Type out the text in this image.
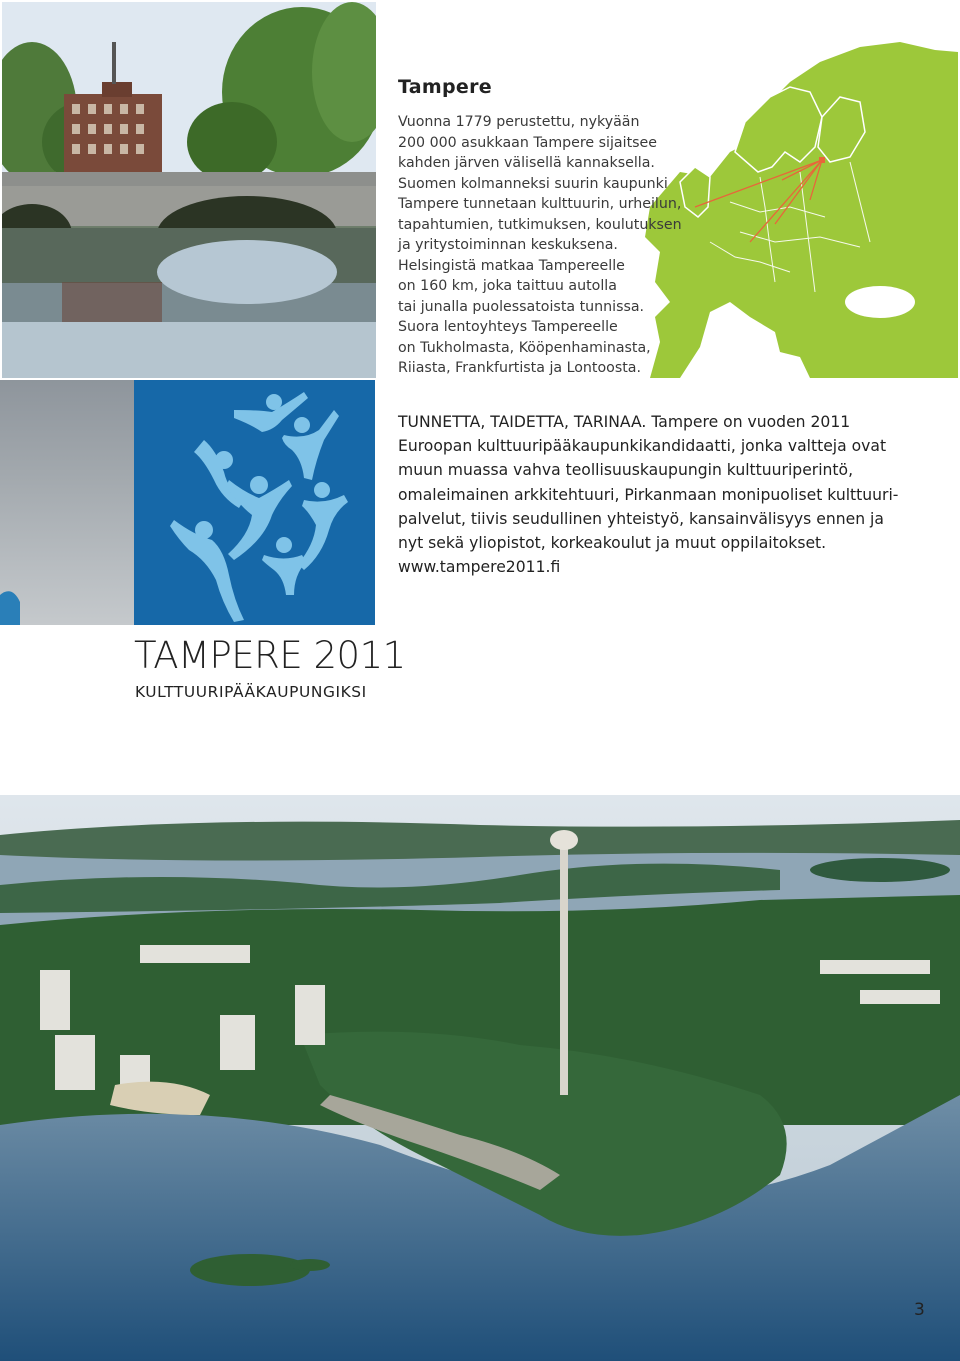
Tampere

Vuonna 1779 perustettu, nykyään

200 000 asukkaan Tampere sijaitsee

kahden järven välisellä kannaksella.

Suomen kolmanneksi suurin kaupunki

Tampere tunnetaan kulttuurin, urheilun,

tapahtumien, tutkimuksen, koulutuksen

ja yritystoiminnan keskuksena.

Helsingistä matkaa Tampereelle

on 160 km, joka taittuu autolla

tai junalla puolessatoista tunnissa.

Suora lentoyhteys Tampereelle

on Tukholmasta, Kööpenhaminasta,

Riiasta, Frankfurtista ja Lontoosta.

TUNNETTA, TAIDETTA, TARINAA. Tampere on vuoden 2011

Euroopan kulttuuripääkaupunkikandidaatti, jonka valtteja ovat

muun muassa vahva teollisuuskaupungin kulttuuriperintö,

omaleimainen arkkitehtuuri, Pirkanmaan monipuoliset kulttuuri-

palvelut, tiivis seudullinen yhteistyö, kansainvälisyys ennen ja

nyt sekä yliopistot, korkeakoulut ja muut oppilaitokset.

www.tampere2011.fi

TAMPERE 2011
KULTTUURIPÄÄKAUPUNGIKSI
3
